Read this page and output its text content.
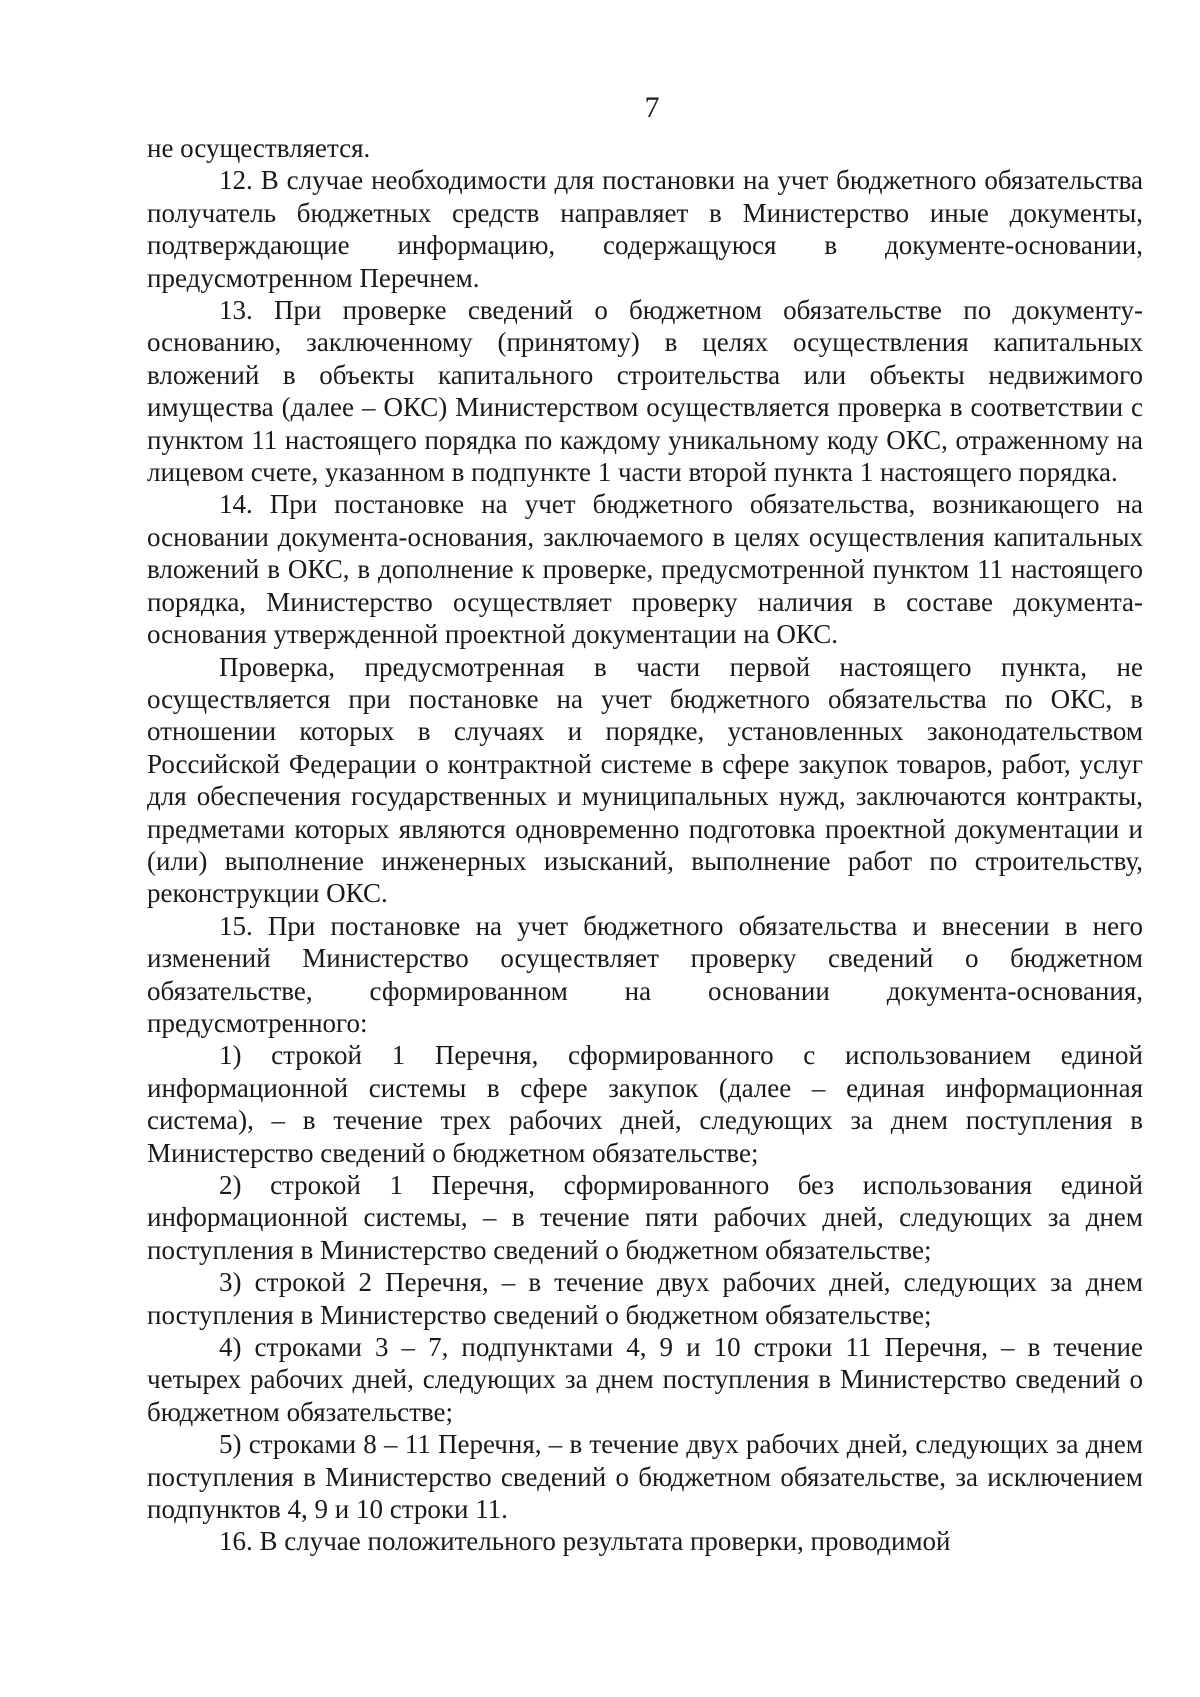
7

не осуществляется.

12. В случае необходимости для постановки на учет бюджетного обязательства получатель бюджетных средств направляет в Министерство иные документы, подтверждающие информацию, содержащуюся в документе-основании, предусмотренном Перечнем.

13. При проверке сведений о бюджетном обязательстве по документу-основанию, заключенному (принятому) в целях осуществления капитальных вложений в объекты капитального строительства или объекты недвижимого имущества (далее – ОКС) Министерством осуществляется проверка в соответствии с пунктом 11 настоящего порядка по каждому уникальному коду ОКС, отраженному на лицевом счете, указанном в подпункте 1 части второй пункта 1 настоящего порядка.

14. При постановке на учет бюджетного обязательства, возникающего на основании документа-основания, заключаемого в целях осуществления капитальных вложений в ОКС, в дополнение к проверке, предусмотренной пунктом 11 настоящего порядка, Министерство осуществляет проверку наличия в составе документа-основания утвержденной проектной документации на ОКС.

Проверка, предусмотренная в части первой настоящего пункта, не осуществляется при постановке на учет бюджетного обязательства по ОКС, в отношении которых в случаях и порядке, установленных законодательством Российской Федерации о контрактной системе в сфере закупок товаров, работ, услуг для обеспечения государственных и муниципальных нужд, заключаются контракты, предметами которых являются одновременно подготовка проектной документации и (или) выполнение инженерных изысканий, выполнение работ по строительству, реконструкции ОКС.

15. При постановке на учет бюджетного обязательства и внесении в него изменений Министерство осуществляет проверку сведений о бюджетном обязательстве, сформированном на основании документа-основания, предусмотренного:

1) строкой 1 Перечня, сформированного с использованием единой информационной системы в сфере закупок (далее – единая информационная система), – в течение трех рабочих дней, следующих за днем поступления в Министерство сведений о бюджетном обязательстве;

2) строкой 1 Перечня, сформированного без использования единой информационной системы, – в течение пяти рабочих дней, следующих за днем поступления в Министерство сведений о бюджетном обязательстве;

3) строкой 2 Перечня, – в течение двух рабочих дней, следующих за днем поступления в Министерство сведений о бюджетном обязательстве;

4) строками 3 – 7, подпунктами 4, 9 и 10 строки 11 Перечня, – в течение четырех рабочих дней, следующих за днем поступления в Министерство сведений о бюджетном обязательстве;

5) строками 8 – 11 Перечня, – в течение двух рабочих дней, следующих за днем поступления в Министерство сведений о бюджетном обязательстве, за исключением подпунктов 4, 9 и 10 строки 11.

16. В случае положительного результата проверки, проводимой
